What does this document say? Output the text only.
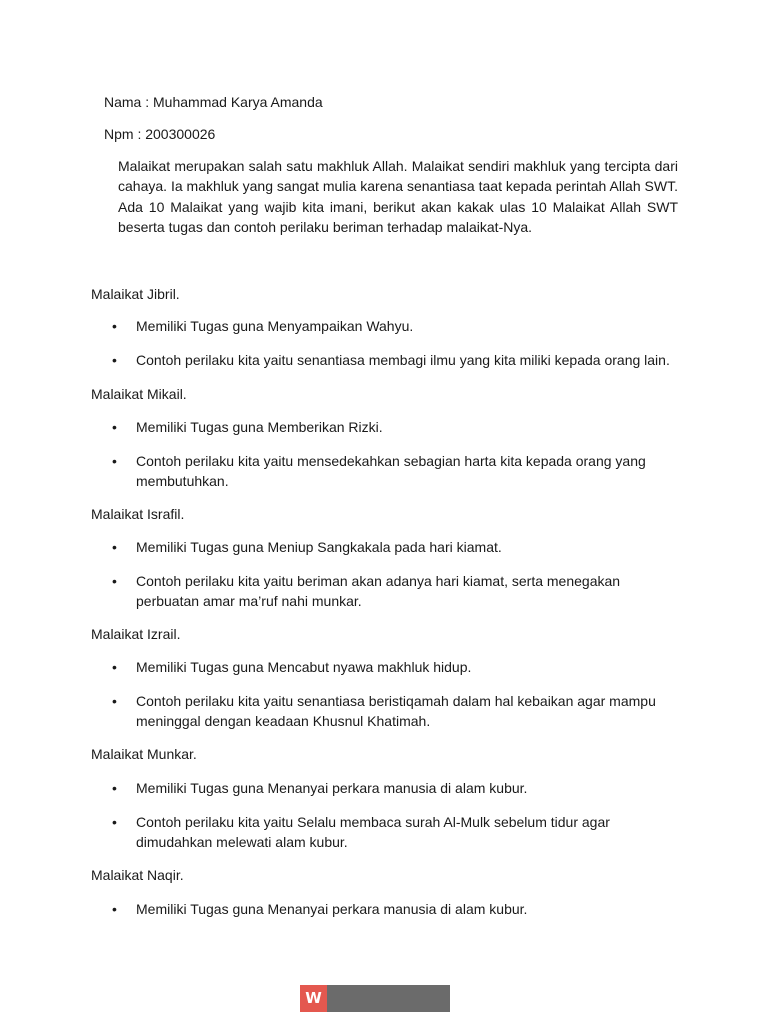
Nama : Muhammad Karya Amanda
Npm : 200300026
Malaikat merupakan salah satu makhluk Allah. Malaikat sendiri makhluk yang tercipta dari cahaya. Ia makhluk yang sangat mulia karena senantiasa taat kepada perintah Allah SWT. Ada 10 Malaikat yang wajib kita imani, berikut akan kakak ulas 10 Malaikat Allah SWT beserta tugas dan contoh perilaku beriman terhadap malaikat-Nya.
Malaikat Jibril.
•	Memiliki Tugas guna Menyampaikan Wahyu.
•	Contoh perilaku kita yaitu senantiasa membagi ilmu yang kita miliki kepada orang lain.
Malaikat Mikail.
•	Memiliki Tugas guna Memberikan Rizki.
•	Contoh perilaku kita yaitu mensedekahkan sebagian harta kita kepada orang yang membutuhkan.
Malaikat Israfil.
•	Memiliki Tugas guna Meniup Sangkakala pada hari kiamat.
•	Contoh perilaku kita yaitu beriman akan adanya hari kiamat, serta menegakan perbuatan amar ma’ruf nahi munkar.
Malaikat Izrail.
•	Memiliki Tugas guna Mencabut nyawa makhluk hidup.
•	Contoh perilaku kita yaitu senantiasa beristiqamah dalam hal kebaikan agar mampu meninggal dengan keadaan Khusnul Khatimah.
Malaikat Munkar.
•	Memiliki Tugas guna Menanyai perkara manusia di alam kubur.
•	Contoh perilaku kita yaitu Selalu membaca surah Al-Mulk sebelum tidur agar dimudahkan melewati alam kubur.
Malaikat Naqir.
•	Memiliki Tugas guna Menanyai perkara manusia di alam kubur.
W
